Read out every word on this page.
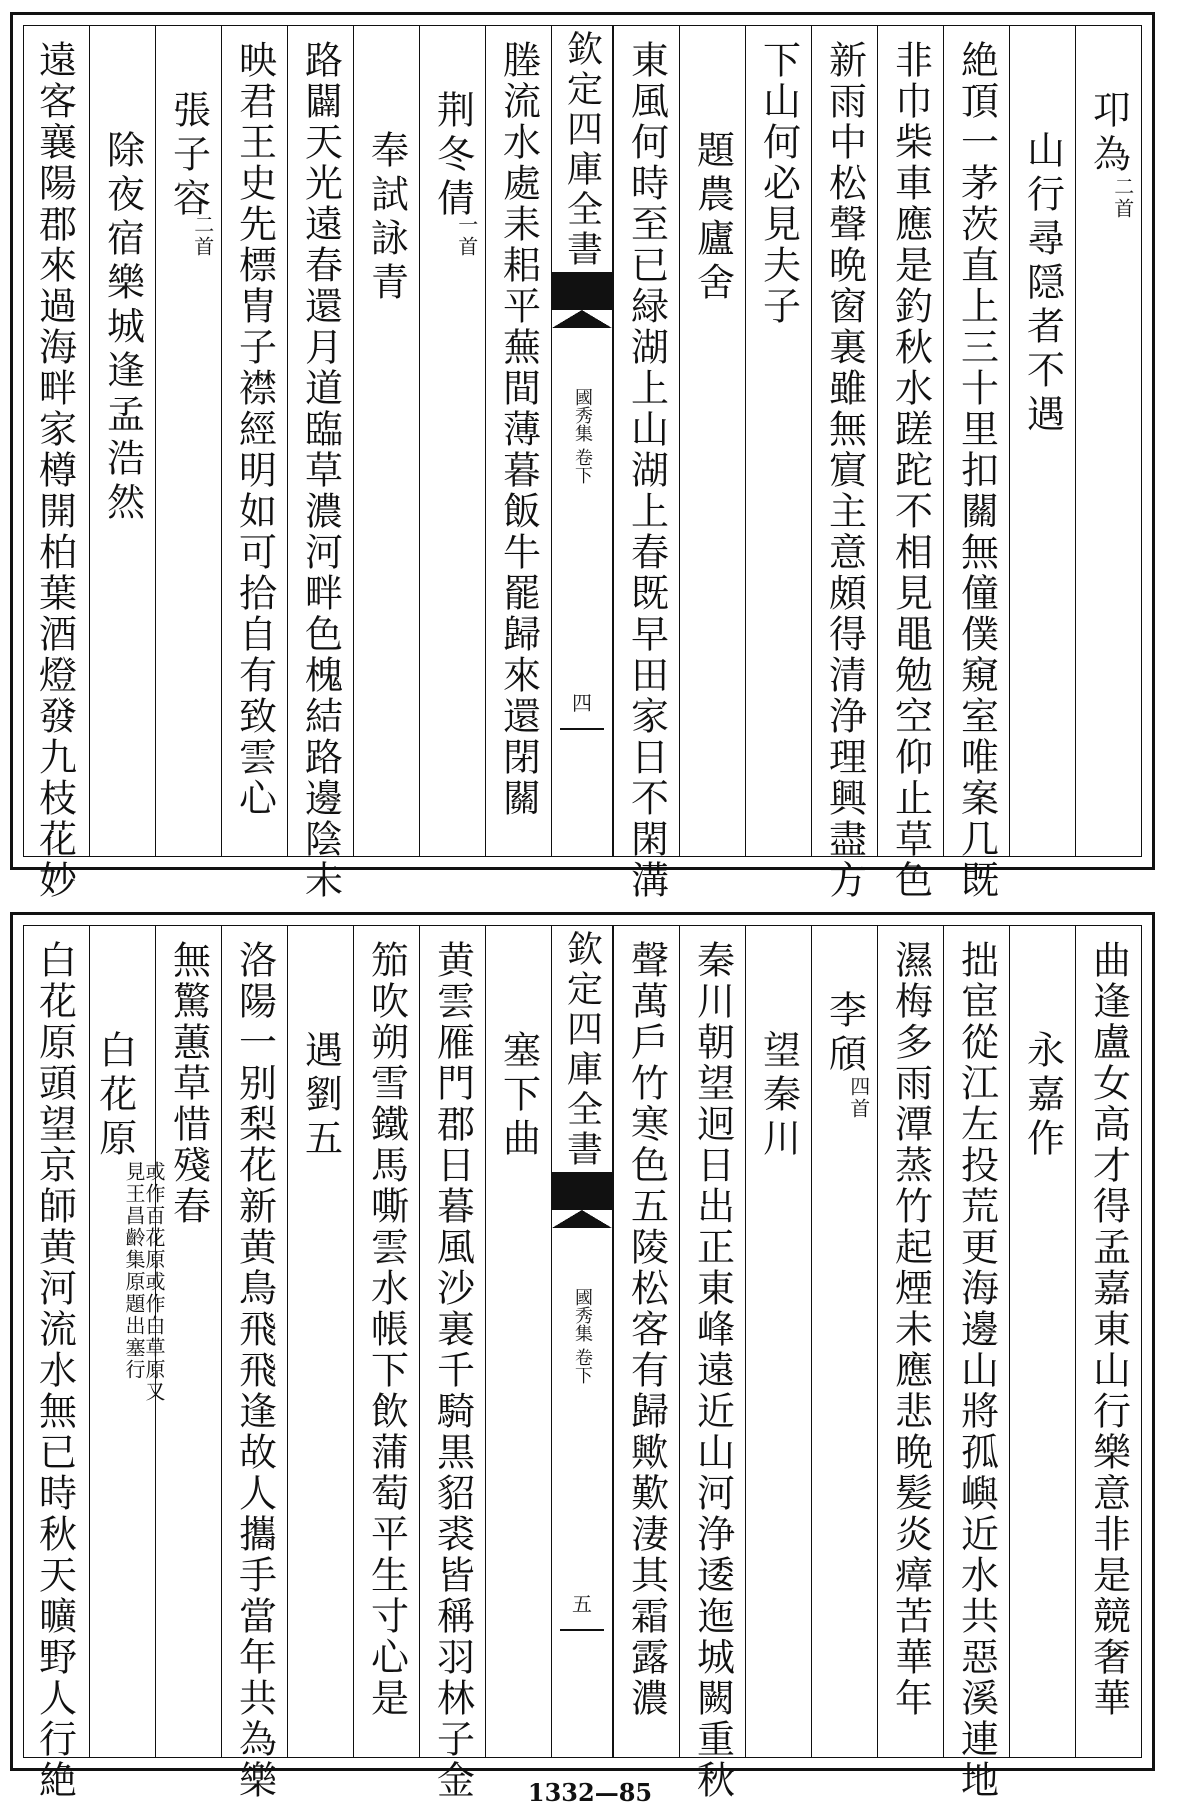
卭為
二首
山行尋隠者不遇
絶頂一茅茨直上三十里扣關無僮僕窺室唯案几既
非巾柴車應是釣秋水蹉跎不相見黽勉空仰止草色
新雨中松聲晩窗裏雖無賔主意頗得清浄理興盡方
下山何必見夫子
題農廬舍
東風何時至已緑湖上山湖上春既早田家日不閑溝
欽定四庫全書
國秀集
卷下
四
塍流水處耒耜平蕪間薄暮飯牛罷歸來還閉關
荆冬倩
一首
奉試詠青
路闢天光遠春還月道臨草濃河畔色槐結路邊陰未
映君王史先標胄子襟經明如可拾自有致雲心
張子容
二首
除夜宿樂城逢孟浩然
遠客襄陽郡來過海畔家樽開柏葉酒燈發九枝花妙
曲逢盧女高才得孟嘉東山行樂意非是競奢華
永嘉作
拙宦從江左投荒更海邊山將孤嶼近水共惡溪連地
濕梅多雨潭蒸竹起煙未應悲晩髪炎瘴苦華年
李頎
四首
望秦川
秦川朝望迥日出正東峰遠近山河浄逶迤城闕重秋
聲萬戶竹寒色五陵松客有歸歟歎淒其霜露濃
欽定四庫全書
國秀集
卷下
五
塞下曲
黄雲雁門郡日暮風沙裏千騎黒貂裘皆稱羽林子金
笳吹朔雪鐵馬嘶雲水帳下飲蒲萄平生寸心是
遇劉五
洛陽一别梨花新黄鳥飛飛逢故人攜手當年共為樂
無驚蕙草惜殘春
白花原
或作百花原或作白草原又
見王昌齡集原題出塞行
白花原頭望京師黄河流水無已時秋天曠野人行絶	1332—85
